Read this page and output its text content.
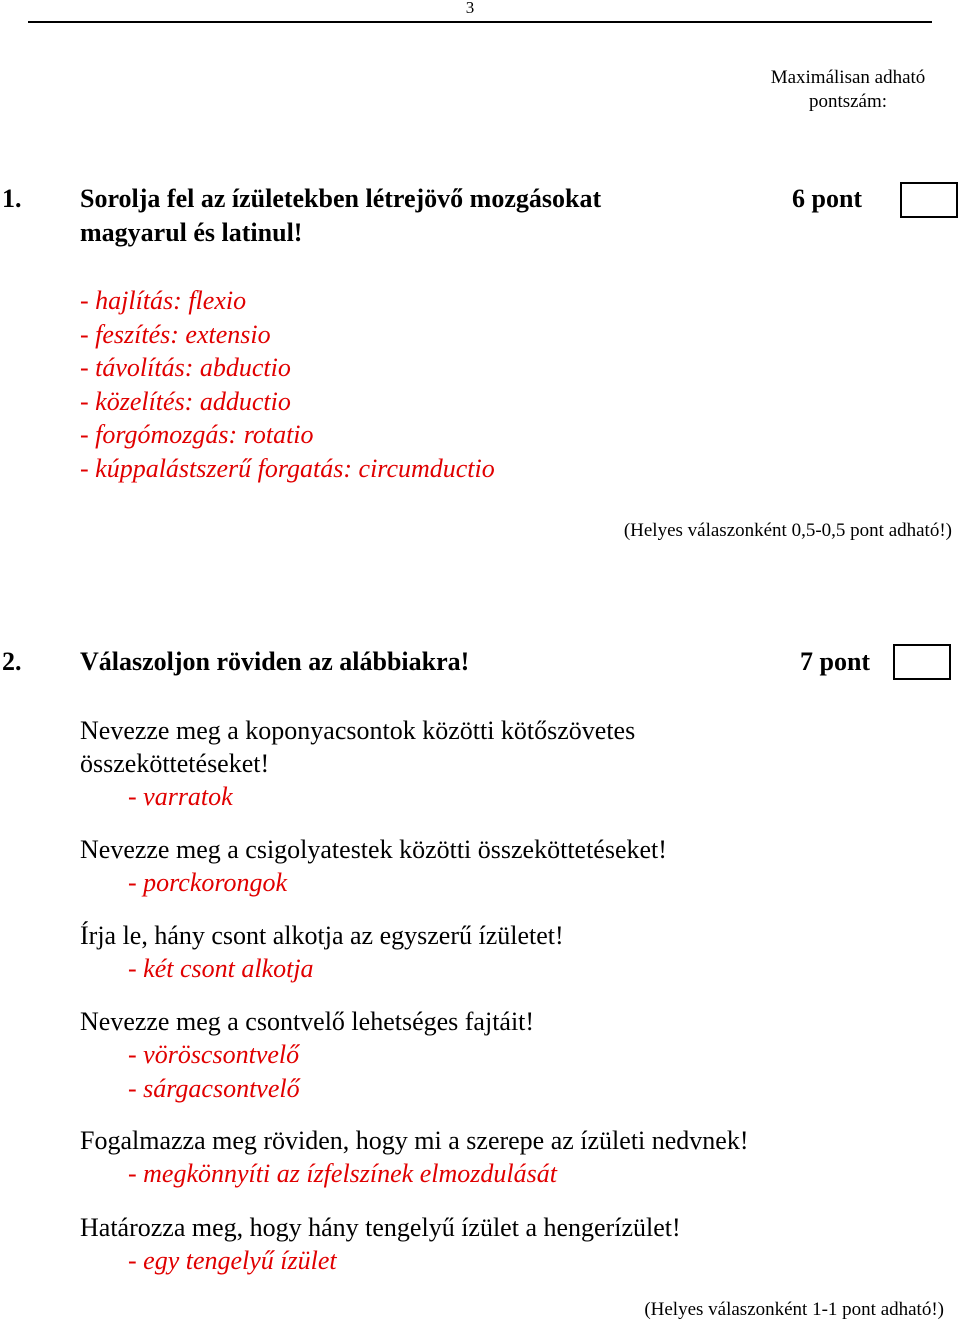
3
Maximálisan adható
pontszám:
1. Sorolja fel az ízületekben létrejövő mozgásokat
magyarul és latinul!
6 pont
- hajlítás: flexio
- feszítés: extensio
- távolítás: abductio
- közelítés: adductio
- forgómozgás: rotatio
- kúppalástszerű forgatás: circumductio
(Helyes válaszonként 0,5-0,5 pont adható!)
2. Válaszoljon röviden az alábbiakra!	7 pont
Nevezze meg a koponyacsontok közötti kötőszövetes
összeköttetéseket!
- varratok
Nevezze meg a csigolyatestek közötti összeköttetéseket!
- porckorongok
Írja le, hány csont alkotja az egyszerű ízületet!
- két csont alkotja
Nevezze meg a csontvelő lehetséges fajtáit!
- vöröscsontvelő
- sárgacsontvelő
Fogalmazza meg röviden, hogy mi a szerepe az ízületi nedvnek!
- megkönnyíti az ízfelszínek elmozdulását
Határozza meg, hogy hány tengelyű ízület a hengerízület!
- egy tengelyű ízület
(Helyes válaszonként 1-1 pont adható!)
